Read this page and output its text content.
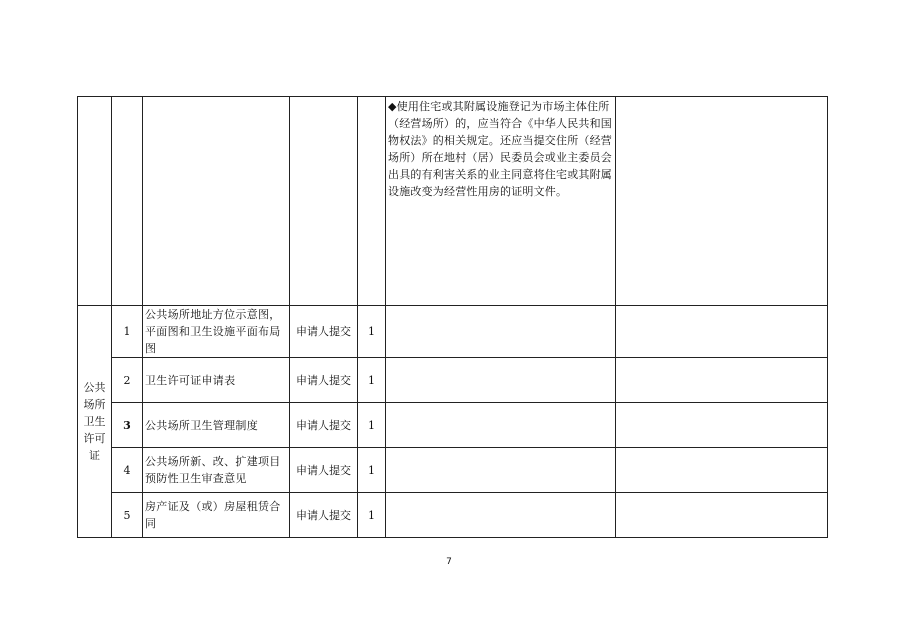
					◆使用住宅或其附属设施登记为市场主体住所（经营场所）的，应当符合《中华人民共和国物权法》的相关规定。还应当提交住所（经营场所）所在地村（居）民委员会或业主委员会出具的有利害关系的业主同意将住宅或其附属设施改变为经营性用房的证明文件。	
公共场所卫生许可证	1	公共场所地址方位示意图，平面图和卫生设施平面布局图	申请人提交	1		
	2	卫生许可证申请表	申请人提交	1		
	3	公共场所卫生管理制度	申请人提交	1		
	4	公共场所新、改、扩建项目预防性卫生审查意见	申请人提交	1		
	5	房产证及（或）房屋租赁合同	申请人提交	1		
7
